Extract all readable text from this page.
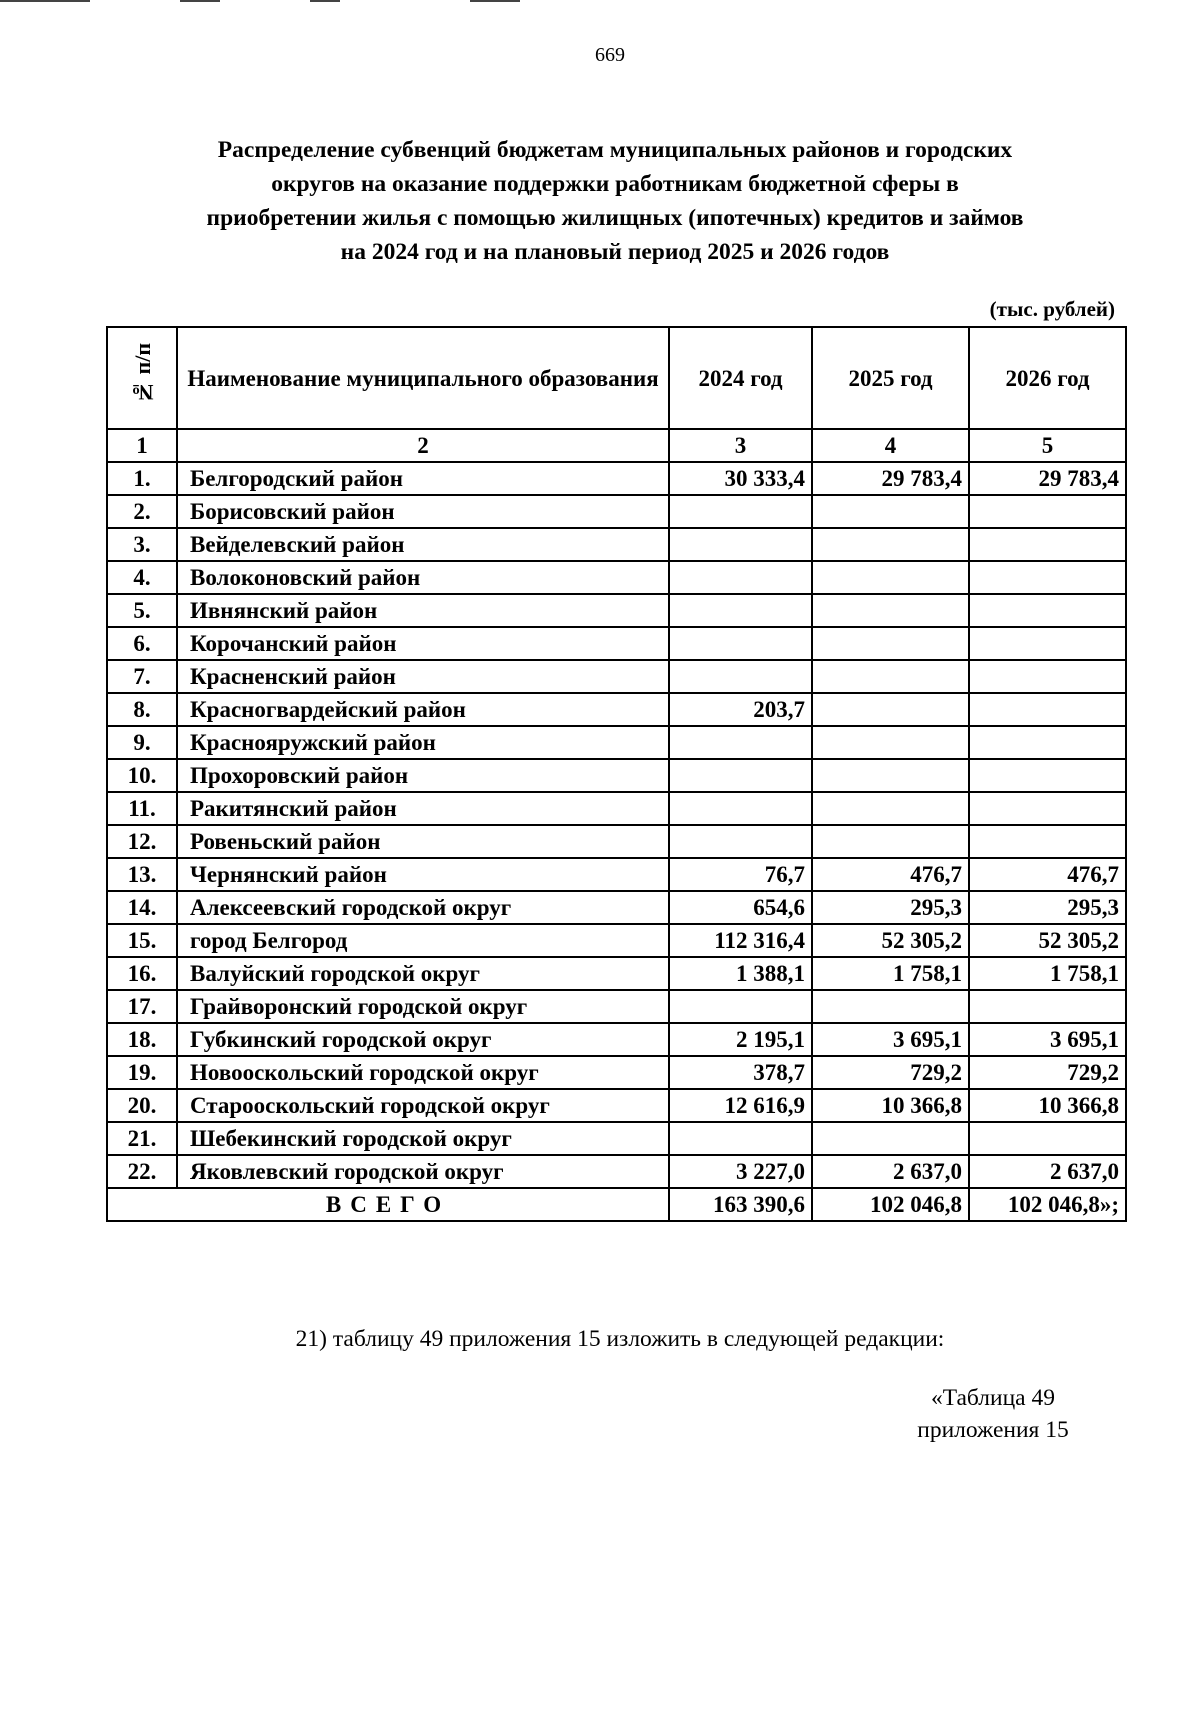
669
Распределение субвенций бюджетам муниципальных районов и городских
округов на оказание поддержки работникам бюджетной сферы в
приобретении жилья с помощью жилищных (ипотечных) кредитов и займов
на 2024 год и на плановый период 2025 и 2026 годов
(тыс. рублей)
№ п/п	Наименование муниципального образования	2024 год	2025 год	2026 год
1	2	3	4	5
1.	Белгородский район	30 333,4	29 783,4	29 783,4
2.	Борисовский район			
3.	Вейделевский район			
4.	Волоконовский район			
5.	Ивнянский район			
6.	Корочанский район			
7.	Красненский район			
8.	Красногвардейский район	203,7		
9.	Краснояружский район			
10.	Прохоровский район			
11.	Ракитянский район			
12.	Ровеньский район			
13.	Чернянский район	76,7	476,7	476,7
14.	Алексеевский городской округ	654,6	295,3	295,3
15.	город Белгород	112 316,4	52 305,2	52 305,2
16.	Валуйский городской округ	1 388,1	1 758,1	1 758,1
17.	Грайворонский городской округ			
18.	Губкинский городской округ	2 195,1	3 695,1	3 695,1
19.	Новооскольский городской округ	378,7	729,2	729,2
20.	Старооскольский городской округ	12 616,9	10 366,8	10 366,8
21.	Шебекинский городской округ			
22.	Яковлевский городской округ	3 227,0	2 637,0	2 637,0
ВСЕГО		163 390,6	102 046,8	102 046,8»;
21) таблицу 49 приложения 15 изложить в следующей редакции:
«Таблица 49
приложения 15
